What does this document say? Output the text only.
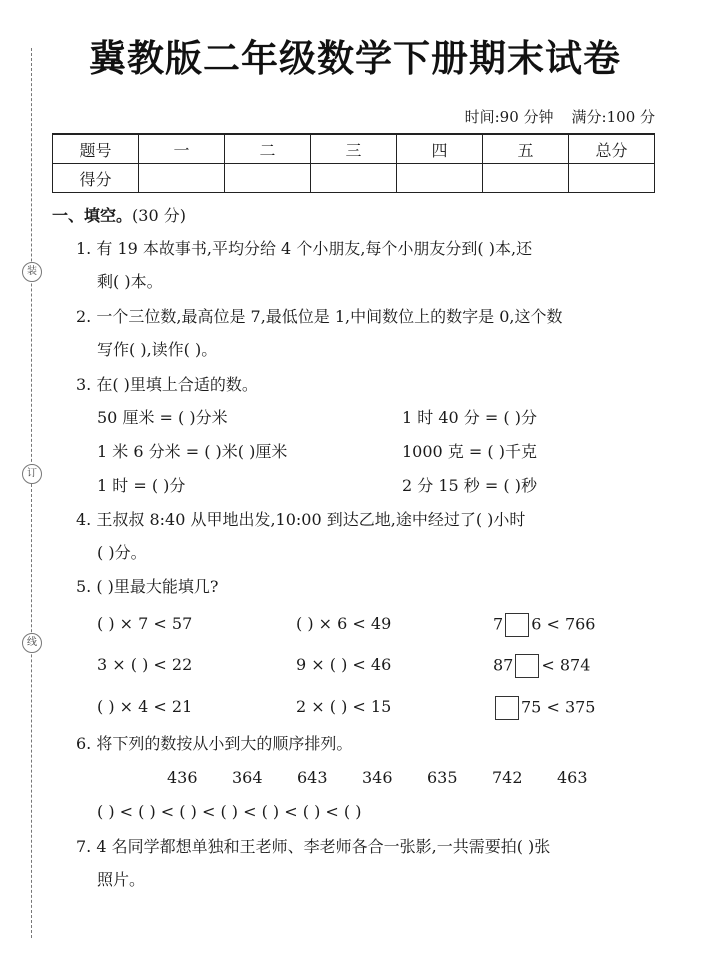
装
订
线
冀教版二年级数学下册期末试卷
时间:90 分钟 满分:100 分
题号	一	二	三	四	五	总分
得分						
一、填空。(30 分)
1. 有 19 本故事书,平均分给 4 个小朋友,每个小朋友分到( )本,还
剩( )本。
2. 一个三位数,最高位是 7,最低位是 1,中间数位上的数字是 0,这个数
写作( ),读作( )。
3. 在( )里填上合适的数。
50 厘米 = ( )分米	1 时 40 分 = ( )分
1 米 6 分米 = ( )米( )厘米	1000 克 = ( )千克
1 时 = ( )分	2 分 15 秒 = ( )秒
4. 王叔叔 8:40 从甲地出发,10:00 到达乙地,途中经过了( )小时
( )分。
5. ( )里最大能填几?
( ) × 7 < 57	( ) × 6 < 49	7 6 < 766
3 × ( ) < 22	9 × ( ) < 46	87 < 874
( ) × 4 < 21	2 × ( ) < 15	75 < 375
6. 将下列的数按从小到大的顺序排列。
436 364 643 346 635 742 463
( ) < ( ) < ( ) < ( ) < ( ) < ( ) < ( )
7. 4 名同学都想单独和王老师、李老师各合一张影,一共需要拍( )张
照片。
